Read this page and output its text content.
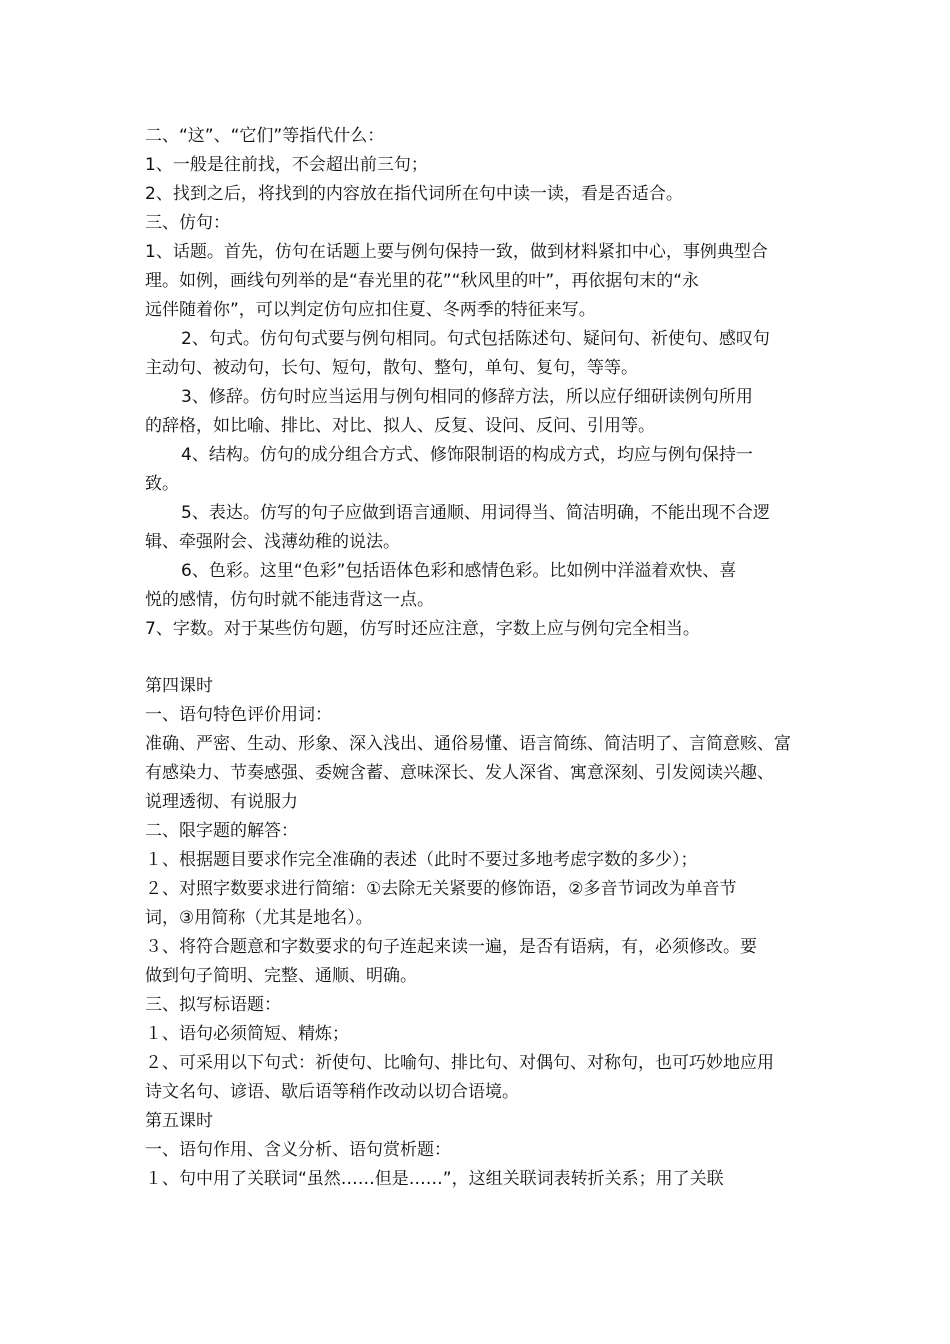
二、“这”、“它们”等指代什么：
1、一般是往前找，不会超出前三句；
2、找到之后，将找到的内容放在指代词所在句中读一读，看是否适合。
三、仿句：
1、话题。首先，仿句在话题上要与例句保持一致，做到材料紧扣中心，事例典型合
理。如例，画线句列举的是“春光里的花”“秋风里的叶”，再依据句末的“永
远伴随着你”，可以判定仿句应扣住夏、冬两季的特征来写。
2、句式。仿句句式要与例句相同。句式包括陈述句、疑问句、祈使句、感叹句
主动句、被动句，长句、短句，散句、整句，单句、复句，等等。
3、修辞。仿句时应当运用与例句相同的修辞方法，所以应仔细研读例句所用
的辞格，如比喻、排比、对比、拟人、反复、设问、反问、引用等。
4、结构。仿句的成分组合方式、修饰限制语的构成方式，均应与例句保持一
致。
5、表达。仿写的句子应做到语言通顺、用词得当、简洁明确，不能出现不合逻
辑、牵强附会、浅薄幼稚的说法。
6、色彩。这里“色彩”包括语体色彩和感情色彩。比如例中洋溢着欢快、喜
悦的感情，仿句时就不能违背这一点。
7、字数。对于某些仿句题，仿写时还应注意，字数上应与例句完全相当。
第四课时
一、语句特色评价用词：
准确、严密、生动、形象、深入浅出、通俗易懂、语言简练、简洁明了、言简意赅、富
有感染力、节奏感强、委婉含蓄、意味深长、发人深省、寓意深刻、引发阅读兴趣、
说理透彻、有说服力
二、限字题的解答：
１、根据题目要求作完全准确的表述（此时不要过多地考虑字数的多少）；
２、对照字数要求进行简缩：①去除无关紧要的修饰语，②多音节词改为单音节
词，③用简称（尤其是地名）。
３、将符合题意和字数要求的句子连起来读一遍，是否有语病，有，必须修改。要
做到句子简明、完整、通顺、明确。
三、拟写标语题：
１、语句必须简短、精炼；
２、可采用以下句式：祈使句、比喻句、排比句、对偶句、对称句，也可巧妙地应用
诗文名句、谚语、歇后语等稍作改动以切合语境。
第五课时
一、语句作用、含义分析、语句赏析题：
１、句中用了关联词“虽然……但是……”，这组关联词表转折关系；用了关联
